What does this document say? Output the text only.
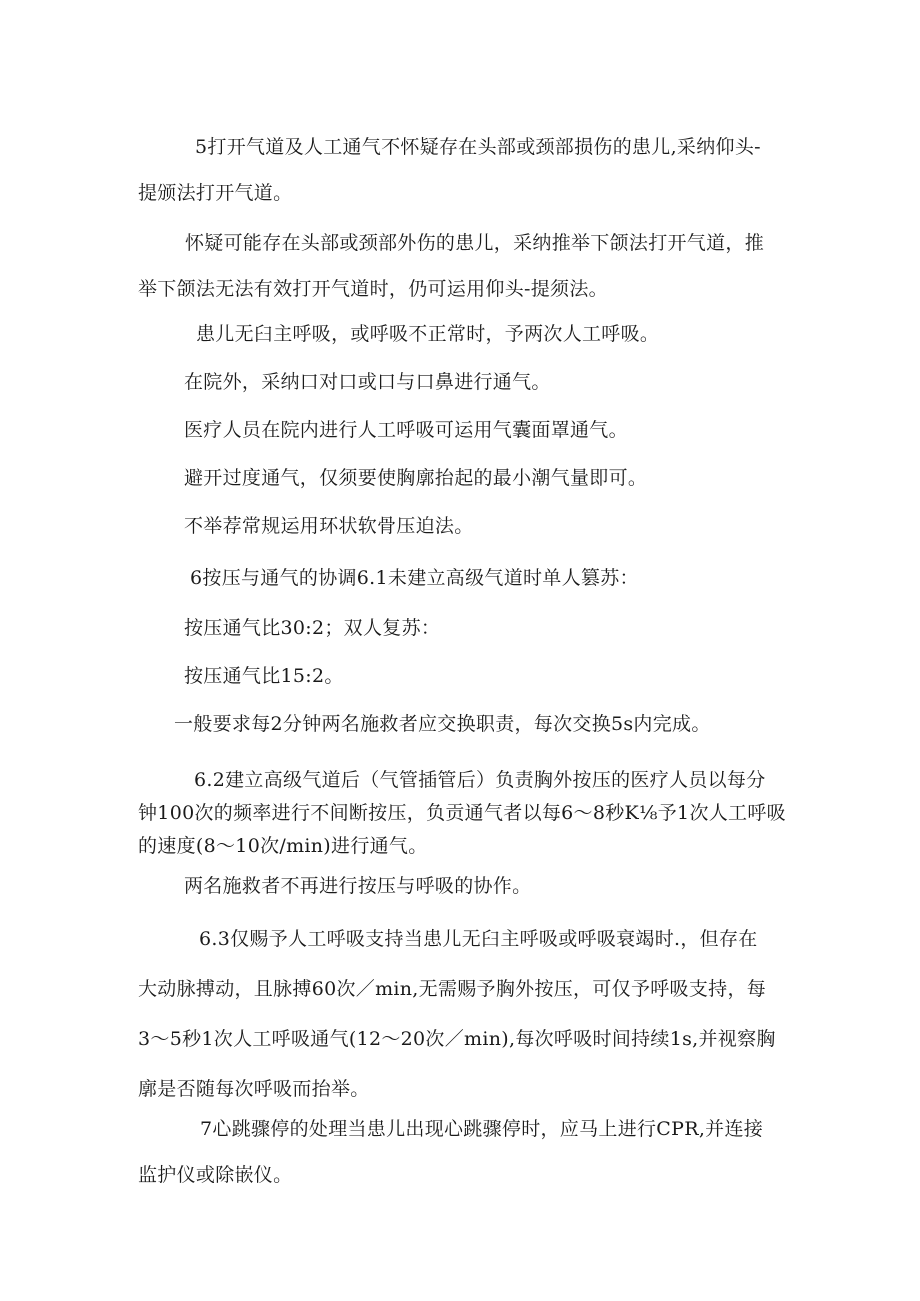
5打开气道及人工通气不怀疑存在头部或颈部损伤的患儿,采纳仰头-
提颁法打开气道。

怀疑可能存在头部或颈部外伤的患儿，采纳推举下颌法打开气道，推
举下颌法无法有效打开气道时，仍可运用仰头-提须法。

患儿无臼主呼吸，或呼吸不正常时，予两次人工呼吸。

在院外，采纳口对口或口与口鼻进行通气。

医疗人员在院内进行人工呼吸可运用气囊面罩通气。

避开过度通气，仅须要使胸廓抬起的最小潮气量即可。

不举荐常规运用环状软骨压迫法。

6按压与通气的协调6.1未建立高级气道时单人篡苏：

按压通气比30:2；双人复苏：

按压通气比15:2。

一般要求每2分钟两名施救者应交换职责，每次交换5s内完成。

6.2建立高级气道后（气管插管后）负责胸外按压的医疗人员以每分
钟100次的频率进行不间断按压，负贡通气者以每6～8秒K⅛予1次人工呼吸
的速度(8～10次/min)进行通气。

两名施救者不再进行按压与呼吸的协作。

6.3仅赐予人工呼吸支持当患儿无臼主呼吸或呼吸衰竭时.，但存在
大动脉搏动，且脉搏60次／min,无需赐予胸外按压，可仅予呼吸支持，每
3～5秒1次人工呼吸通气(12～20次／min),每次呼吸时间持续1s,并视察胸
廓是否随每次呼吸而抬举。

7心跳骤停的处理当患儿出现心跳骤停时，应马上进行CPR,并连接
监护仪或除嵌仪。
